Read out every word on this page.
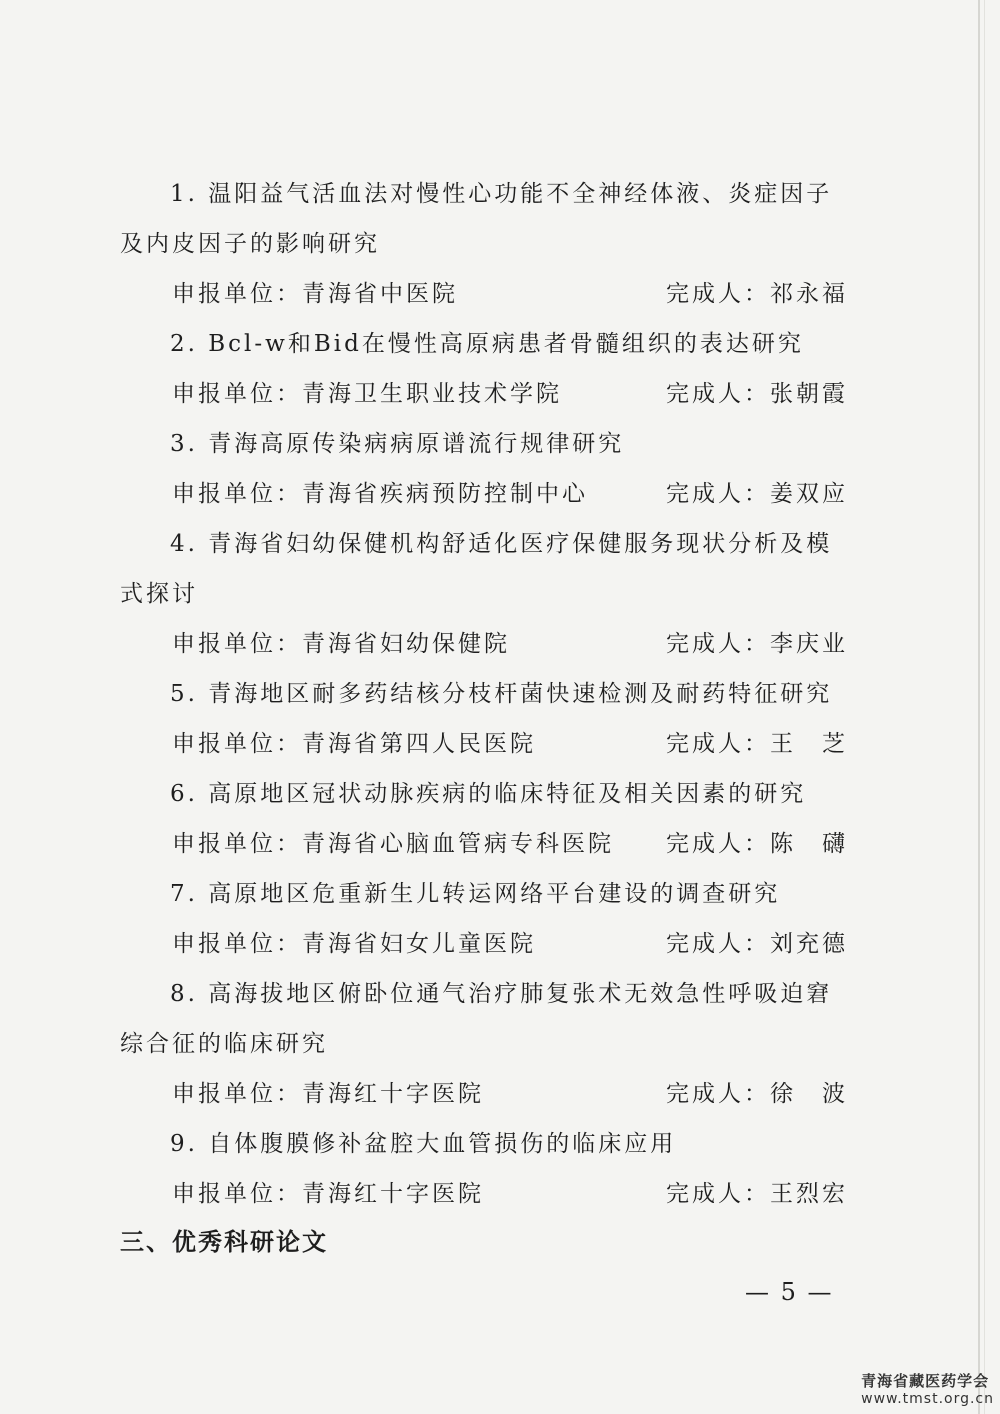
1. 温阳益气活血法对慢性心功能不全神经体液、炎症因子
及内皮因子的影响研究
申报单位：青海省中医院	完成人：祁永福
2. Bcl-w和Bid在慢性高原病患者骨髓组织的表达研究
申报单位：青海卫生职业技术学院	完成人：张朝霞
3. 青海高原传染病病原谱流行规律研究
申报单位：青海省疾病预防控制中心	完成人：姜双应
4. 青海省妇幼保健机构舒适化医疗保健服务现状分析及模
式探讨
申报单位：青海省妇幼保健院	完成人：李庆业
5. 青海地区耐多药结核分枝杆菌快速检测及耐药特征研究
申报单位：青海省第四人民医院	完成人：王　芝
6. 高原地区冠状动脉疾病的临床特征及相关因素的研究
申报单位：青海省心脑血管病专科医院 完成人：陈　礴
7. 高原地区危重新生儿转运网络平台建设的调查研究
申报单位：青海省妇女儿童医院	完成人：刘充德
8. 高海拔地区俯卧位通气治疗肺复张术无效急性呼吸迫窘
综合征的临床研究
申报单位：青海红十字医院	完成人：徐　波
9. 自体腹膜修补盆腔大血管损伤的临床应用
申报单位：青海红十字医院	完成人：王烈宏
三、优秀科研论文
— 5 —
青海省藏医药学会
www.tmst.org.cn
